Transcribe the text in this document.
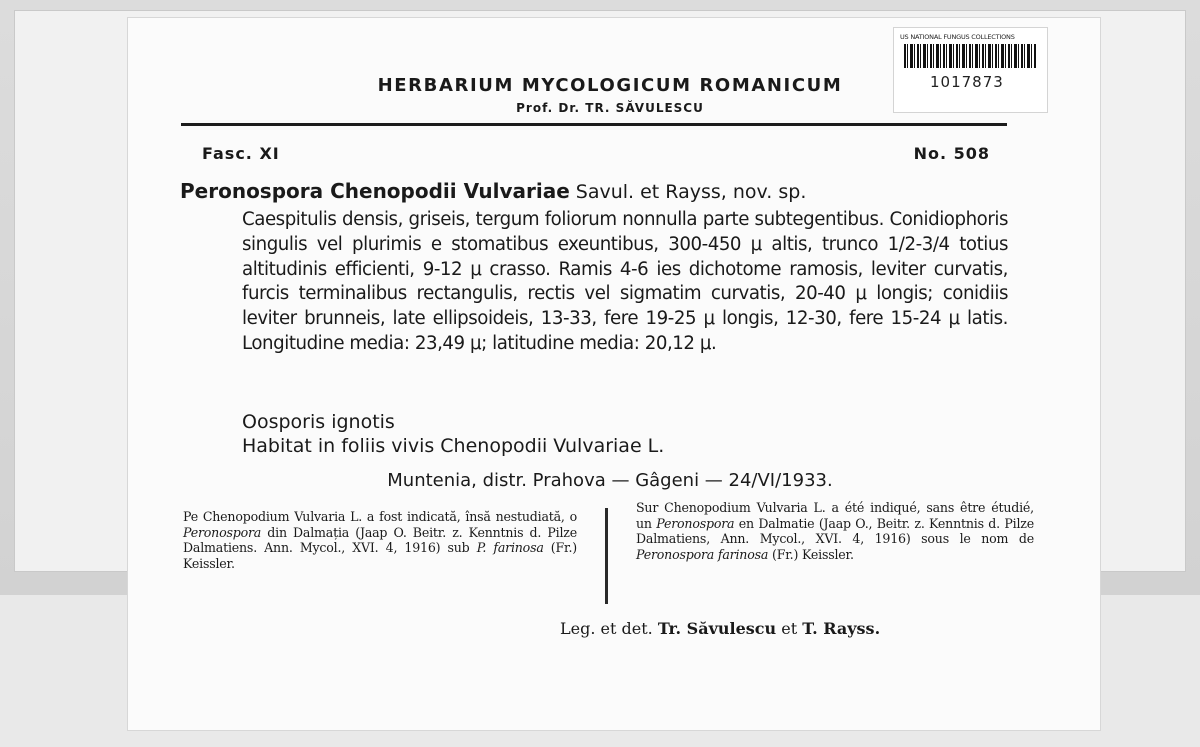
US NATIONAL FUNGUS COLLECTIONS
1017873
HERBARIUM MYCOLOGICUM ROMANICUM
Prof. Dr. TR. SĂVULESCU
Fasc. XI	No. 508
Peronospora Chenopodii Vulvariae Savul. et Rayss, nov. sp.
Caespitulis densis, griseis, tergum foliorum nonnulla parte subtegentibus. Conidiophoris singulis vel plurimis e stomatibus exeuntibus, 300-450 μ altis, trunco 1/2-3/4 totius altitudinis efficienti, 9-12 μ crasso. Ramis 4-6 ies dichotome ramosis, leviter curvatis, furcis terminalibus rectangulis, rectis vel sigmatim curvatis, 20-40 μ longis; conidiis leviter brunneis, late ellipsoideis, 13-33, fere 19-25 μ longis, 12-30, fere 15-24 μ latis. Longitudine media: 23,49 μ; latitudine media: 20,12 μ.
Oosporis ignotis
Habitat in foliis vivis Chenopodii Vulvariae L.
Muntenia, distr. Prahova — Gâgeni — 24/VI/1933.
Pe Chenopodium Vulvaria L. a fost indicată, însă nestudiată, o Peronospora din Dalmația (Jaap O. Beitr. z. Kenntnis d. Pilze Dalmatiens. Ann. Mycol., XVI. 4, 1916) sub P. farinosa (Fr.) Keissler.
Sur Chenopodium Vulvaria L. a été indiqué, sans être étudié, un Peronospora en Dalmatie (Jaap O., Beitr. z. Kenntnis d. Pilze Dalmatiens, Ann. Mycol., XVI. 4, 1916) sous le nom de Peronospora farinosa (Fr.) Keissler.
Leg. et det. Tr. Săvulescu et T. Rayss.
